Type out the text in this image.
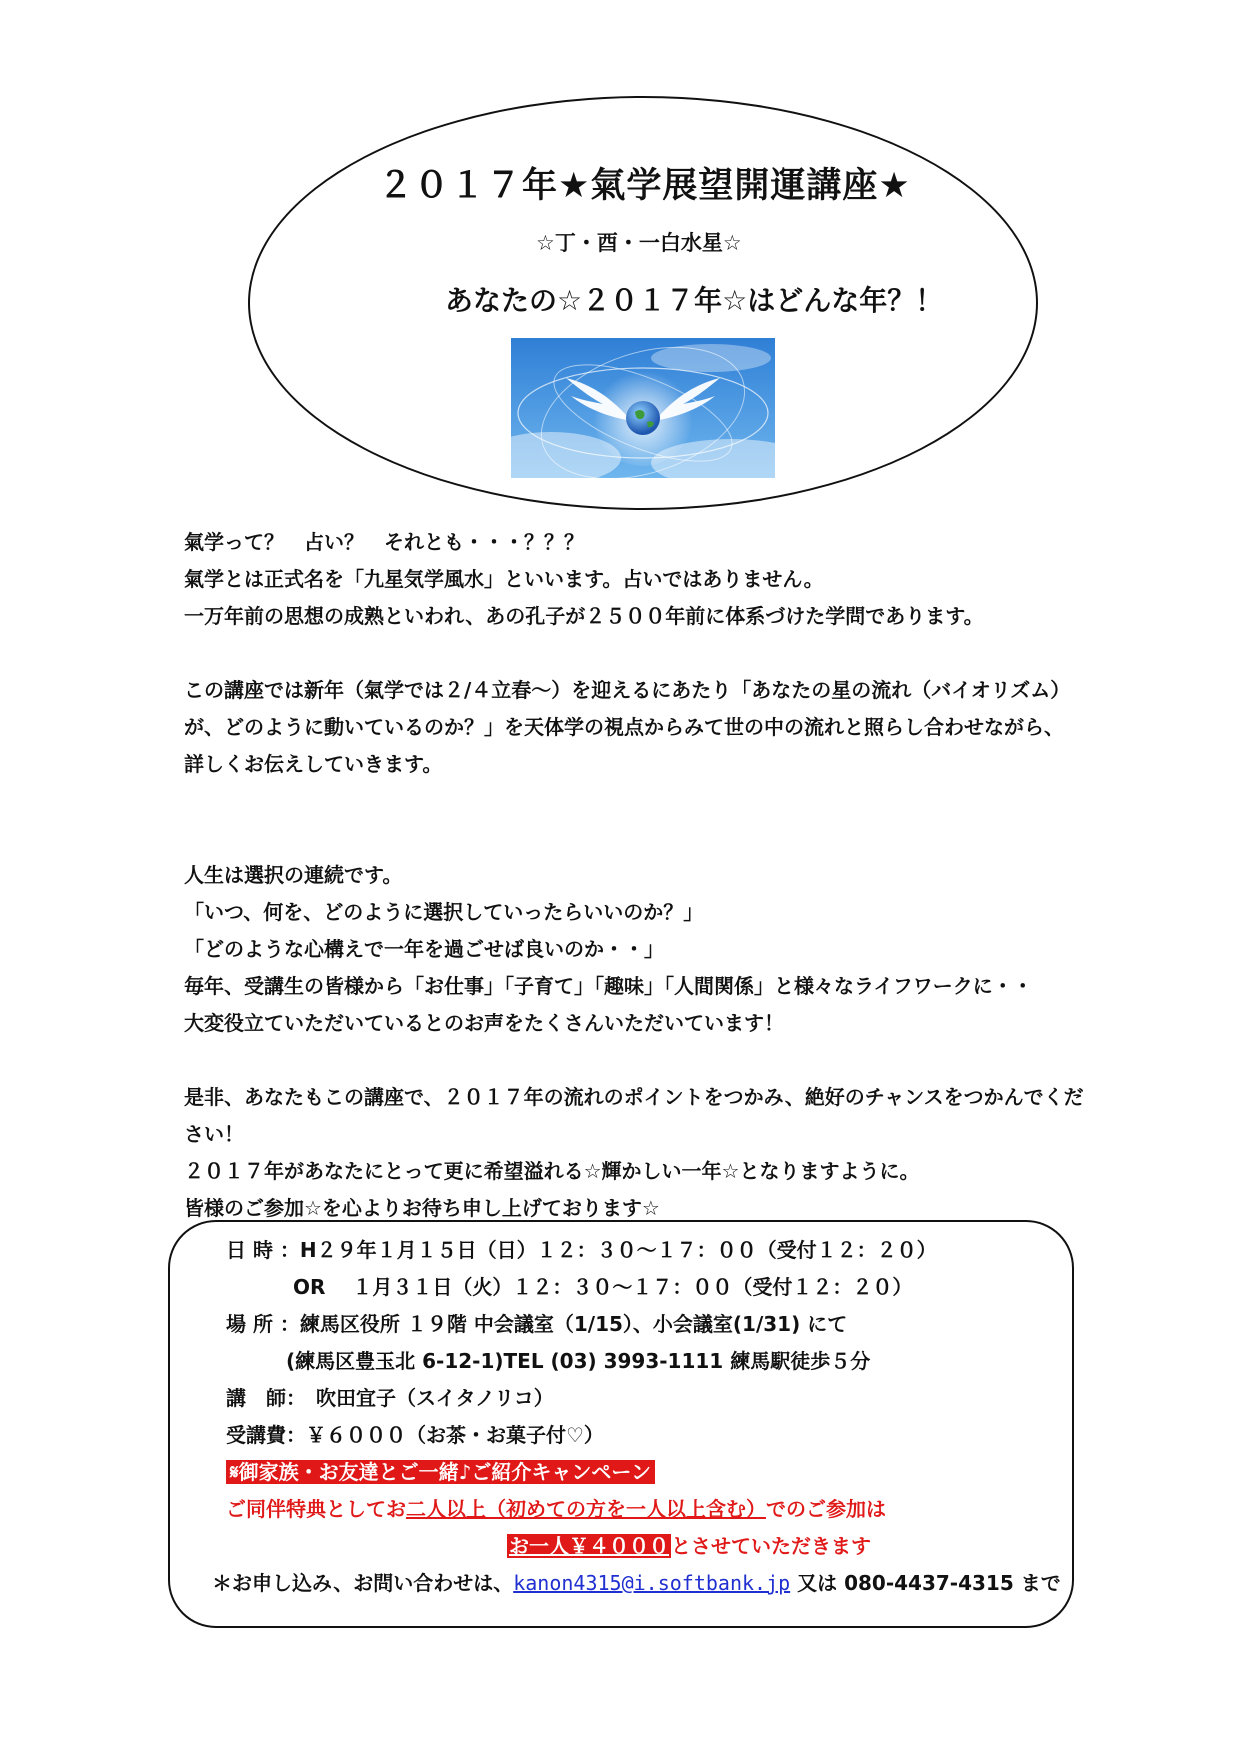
２０１７年★氣学展望開運講座★
☆丁・酉・一白水星☆
あなたの☆２０１７年☆はどんな年？！
氣学って？　占い？　それとも・・・？？？
氣学とは正式名を「九星気学風水」といいます。占いではありません。
一万年前の思想の成熟といわれ、あの孔子が２５００年前に体系づけた学問であります。
この講座では新年（氣学では２/４立春～）を迎えるにあたり「あなたの星の流れ（バイオリズム）
が、どのように動いているのか？」を天体学の視点からみて世の中の流れと照らし合わせながら、
詳しくお伝えしていきます。
人生は選択の連続です。
「いつ、何を、どのように選択していったらいいのか？」
「どのような心構えで一年を過ごせば良いのか・・」
毎年、受講生の皆様から「お仕事」「子育て」「趣味」「人間関係」と様々なライフワークに・・
大変役立ていただいているとのお声をたくさんいただいています！
是非、あなたもこの講座で、２０１７年の流れのポイントをつかみ、絶好のチャンスをつかんでくだ
さい！
２０１７年があなたにとって更に希望溢れる☆輝かしい一年☆となりますように。
皆様のご参加☆を心よりお待ち申し上げております☆
日 時 ：H２９年１月１５日（日）１２：３０～１７：００（受付１２：２０）
　　　 OR　 １月３１日（火）１２：３０～１７：００（受付１２：２０）
場 所 ：練馬区役所 １９階 中会議室（1/15）、小会議室(1/31) にて
　　　(練馬区豊玉北 6-12-1)TEL (03) 3993-1111 練馬駅徒歩５分
講　師：　吹田宜子（スイタノリコ）
受講費：￥６０００（お茶・お菓子付♡）
𝄋御家族・お友達とご一緒♪ご紹介キャンペーン
ご同伴特典としてお二人以上（初めての方を一人以上含む）でのご参加は
お一人￥４０００ とさせていただきます
＊お申し込み、お問い合わせは、kanon4315@i.softbank.jp 又は 080-4437-4315 まで
